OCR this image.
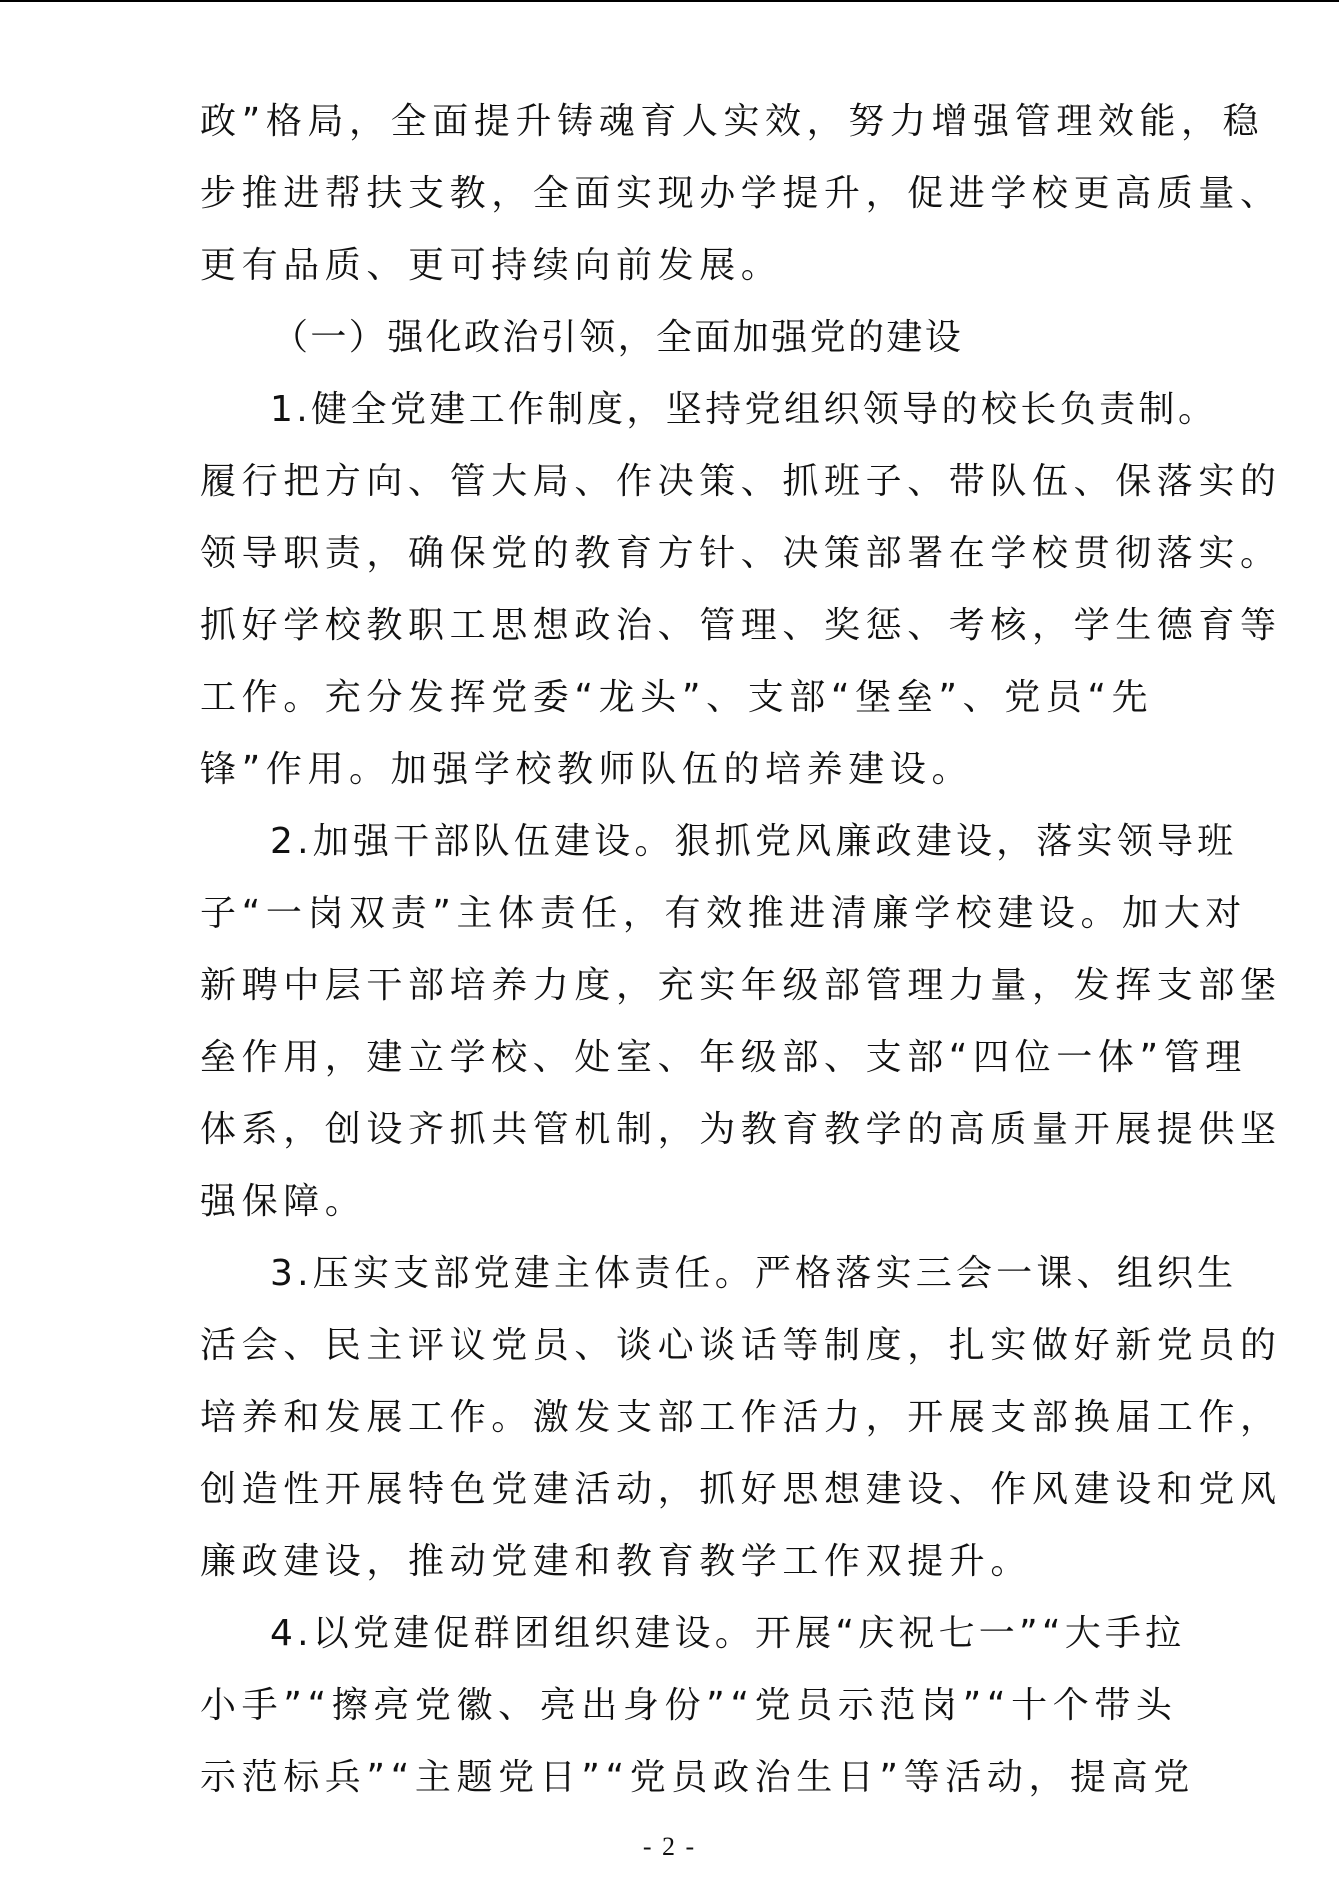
政”格局，全面提升铸魂育人实效，努力增强管理效能，稳
步推进帮扶支教，全面实现办学提升，促进学校更高质量、
更有品质、更可持续向前发展。
（一）强化政治引领，全面加强党的建设
1.健全党建工作制度，坚持党组织领导的校长负责制。
履行把方向、管大局、作决策、抓班子、带队伍、保落实的
领导职责，确保党的教育方针、决策部署在学校贯彻落实。
抓好学校教职工思想政治、管理、奖惩、考核，学生德育等
工作。充分发挥党委“龙头”、支部“堡垒”、党员“先
锋”作用。加强学校教师队伍的培养建设。
2.加强干部队伍建设。狠抓党风廉政建设，落实领导班
子“一岗双责”主体责任，有效推进清廉学校建设。加大对
新聘中层干部培养力度，充实年级部管理力量，发挥支部堡
垒作用，建立学校、处室、年级部、支部“四位一体”管理
体系，创设齐抓共管机制，为教育教学的高质量开展提供坚
强保障。
3.压实支部党建主体责任。严格落实三会一课、组织生
活会、民主评议党员、谈心谈话等制度，扎实做好新党员的
培养和发展工作。激发支部工作活力，开展支部换届工作，
创造性开展特色党建活动，抓好思想建设、作风建设和党风
廉政建设，推动党建和教育教学工作双提升。
4.以党建促群团组织建设。开展“庆祝七一”“大手拉
小手”“擦亮党徽、亮出身份”“党员示范岗”“十个带头
示范标兵”“主题党日”“党员政治生日”等活动，提高党
- 2 -
